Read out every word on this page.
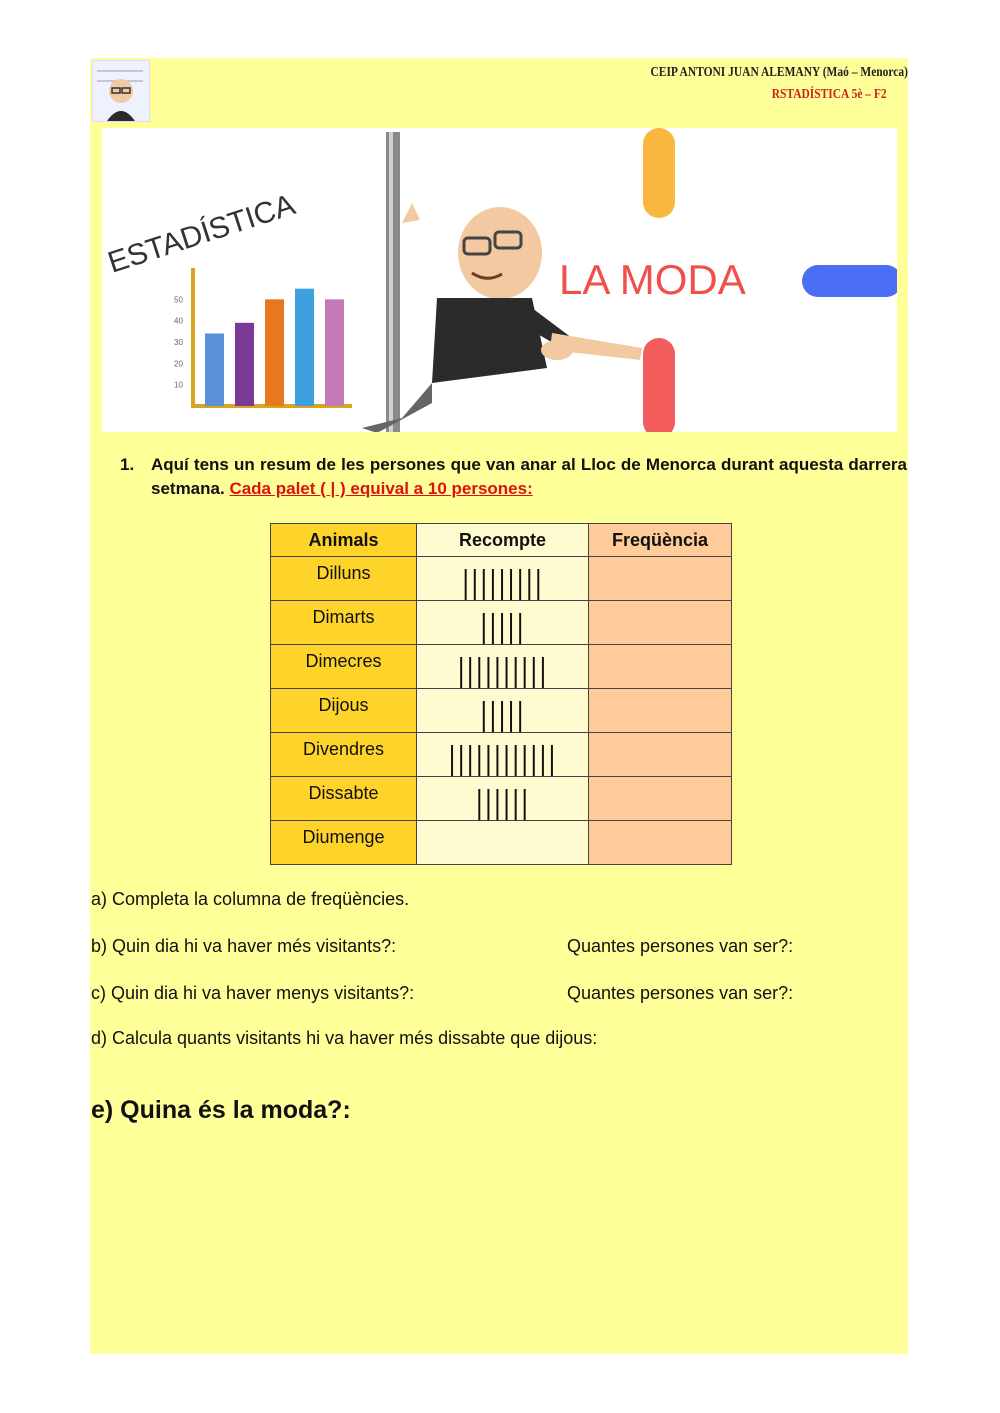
CEIP ANTONI JUAN ALEMANY (Maó – Menorca)
RSTADÍSTICA 5è – F2
ESTADÍSTICA	LA MODA
50
40
30
20
10
1. Aquí tens un resum de les persones que van anar al Lloc de Menorca durant aquesta darrera setmana. Cada palet ( | ) equival a 10 persones:
Animals	Recompte	Freqüència

Dilluns	|||||||||	

Dimarts	|||||	

Dimecres	||||||||||	

Dijous	|||||	

Divendres	||||||||||||	

Dissabte	||||||	

Diumenge		

a) Completa la columna de freqüències.
b) Quin dia hi va haver més visitants?:	Quantes persones van ser?:
c) Quin dia hi va haver menys visitants?:	Quantes persones van ser?:
d) Calcula quants visitants hi va haver més dissabte que dijous:
e) Quina és la moda?:
